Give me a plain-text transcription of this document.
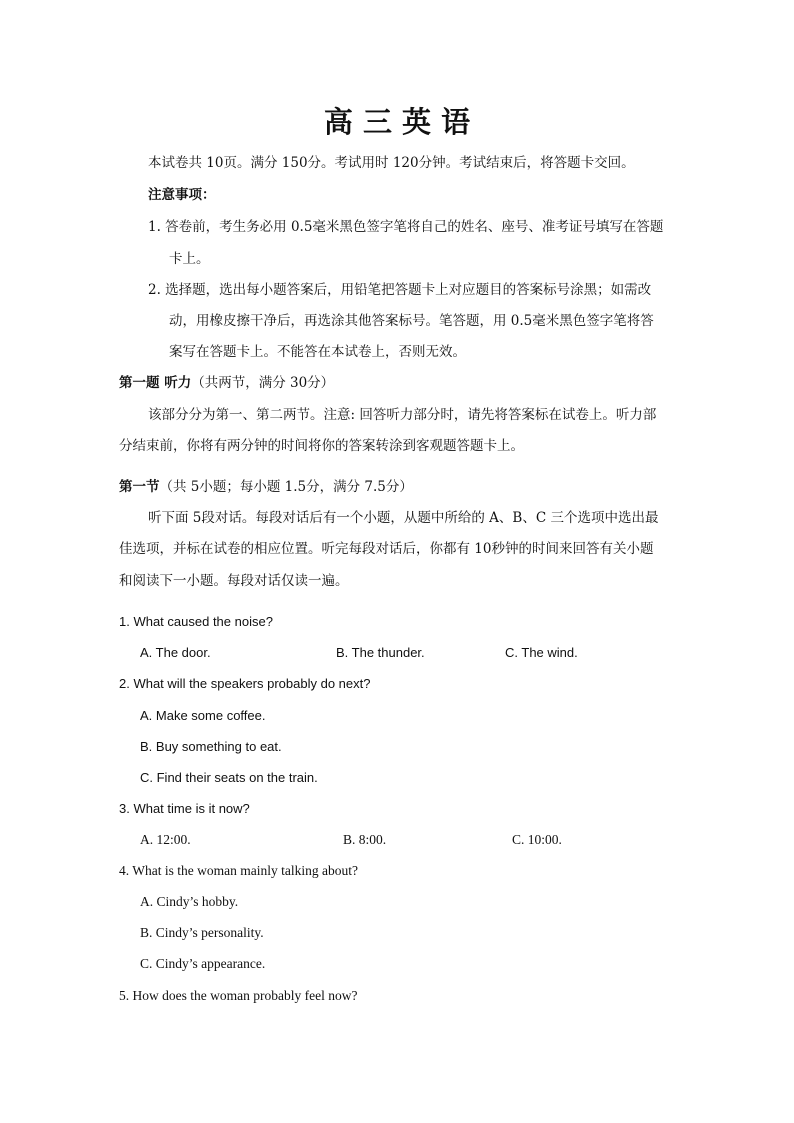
高 三 英 语
本试卷共 10页。满分 150分。考试用时 120分钟。考试结束后，将答题卡交回。
注意事项：
1. 答卷前，考生务必用 0.5毫米黑色签字笔将自己的姓名、座号、准考证号填写在答题
卡上。
2. 选择题，选出每小题答案后，用铅笔把答题卡上对应题目的答案标号涂黑；如需改
动，用橡皮擦干净后，再选涂其他答案标号。笔答题，用 0.5毫米黑色签字笔将答
案写在答题卡上。不能答在本试卷上，否则无效。
第一题 听力（共两节，满分 30分）
该部分分为第一、第二两节。注意: 回答听力部分时，请先将答案标在试卷上。听力部
分结束前，你将有两分钟的时间将你的答案转涂到客观题答题卡上。
第一节（共 5小题；每小题 1.5分，满分 7.5分）
听下面 5段对话。每段对话后有一个小题，从题中所给的 A、B、C 三个选项中选出最
佳选项，并标在试卷的相应位置。听完每段对话后，你都有 10秒钟的时间来回答有关小题
和阅读下一小题。每段对话仅读一遍。
1. What caused the noise?
A. The door.	B. The thunder.	C. The wind.
2. What will the speakers probably do next?
A. Make some coffee.
B. Buy something to eat.
C. Find their seats on the train.
3. What time is it now?
A. 12:00.	B. 8:00.	C. 10:00.
4. What is the woman mainly talking about?
A. Cindy’s hobby.
B. Cindy’s personality.
C. Cindy’s appearance.
5. How does the woman probably feel now?
